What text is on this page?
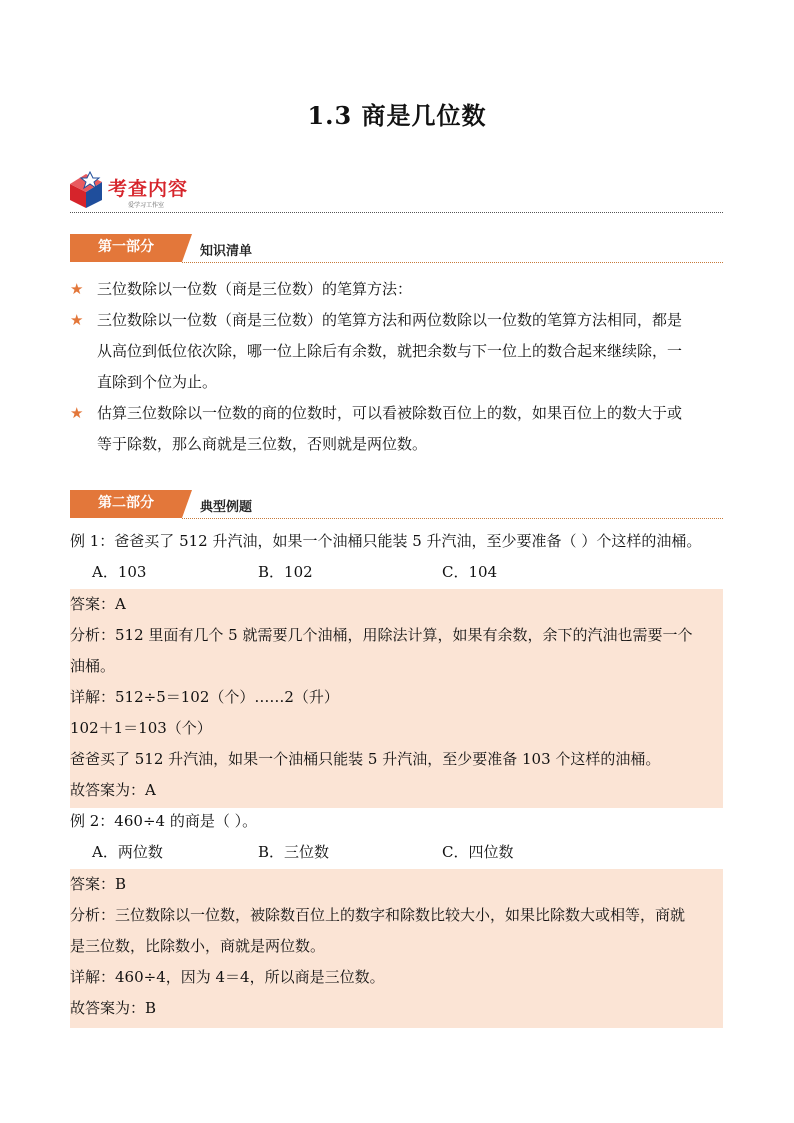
1.3 商是几位数
考查内容
爱学习工作室
第一部分	知识清单
★ 三位数除以一位数（商是三位数）的笔算方法：
★ 三位数除以一位数（商是三位数）的笔算方法和两位数除以一位数的笔算方法相同，都是
从高位到低位依次除，哪一位上除后有余数，就把余数与下一位上的数合起来继续除，一
直除到个位为止。
★ 估算三位数除以一位数的商的位数时，可以看被除数百位上的数，如果百位上的数大于或
等于除数，那么商就是三位数，否则就是两位数。
第二部分	典型例题
例 1：爸爸买了 512 升汽油，如果一个油桶只能装 5 升汽油，至少要准备（ ）个这样的油桶。
A．103	B．102	C．104
答案：A
分析：512 里面有几个 5 就需要几个油桶，用除法计算，如果有余数，余下的汽油也需要一个
油桶。
详解：512÷5＝102（个）……2（升）
102＋1＝103（个）
爸爸买了 512 升汽油，如果一个油桶只能装 5 升汽油，至少要准备 103 个这样的油桶。
故答案为：A
例 2：460÷4 的商是（ ）。
A．两位数	B．三位数	C．四位数
答案：B
分析：三位数除以一位数，被除数百位上的数字和除数比较大小，如果比除数大或相等，商就
是三位数，比除数小，商就是两位数。
详解：460÷4，因为 4＝4，所以商是三位数。
故答案为：B
